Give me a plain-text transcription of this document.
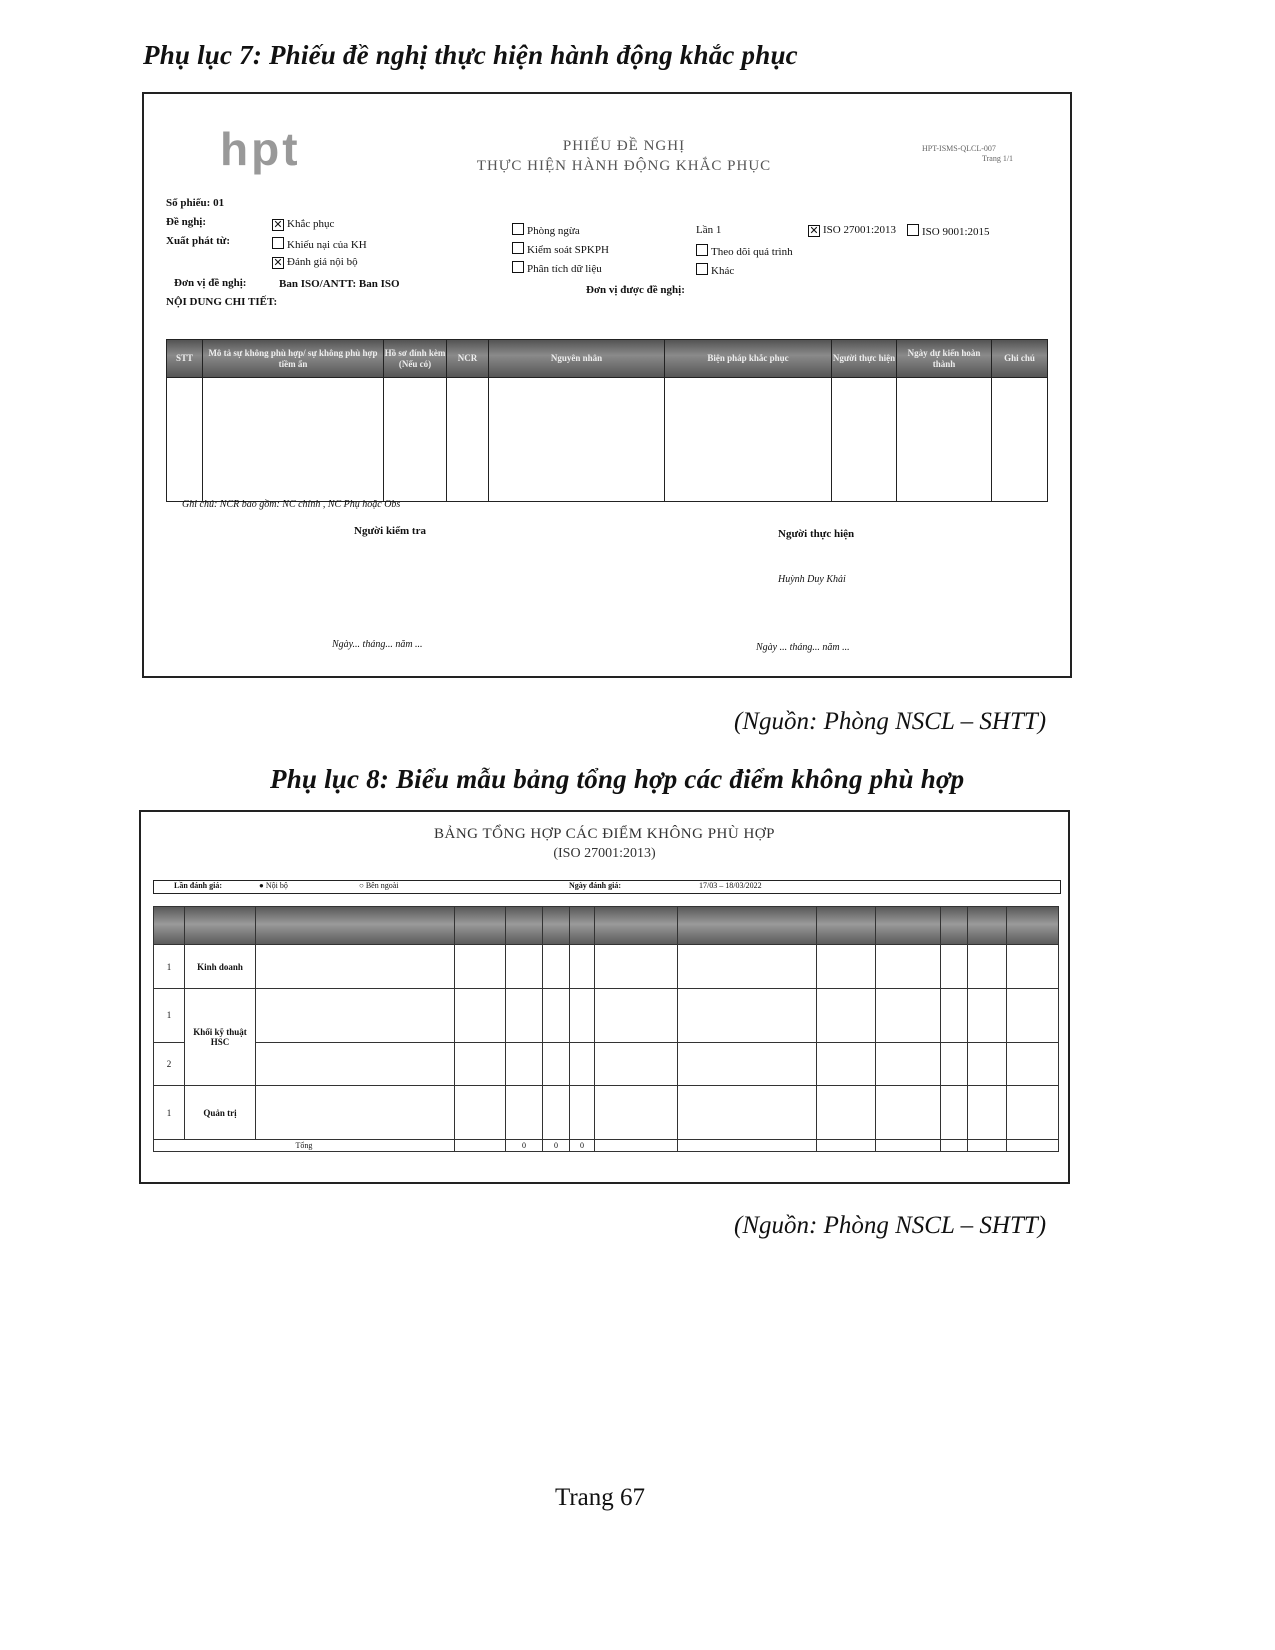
Phụ lục 7: Phiếu đề nghị thực hiện hành động khắc phục
hpt	PHIẾU ĐỀ NGHỊ
THỰC HIỆN HÀNH ĐỘNG KHẮC PHỤC
HPT-ISMS-QLCL-007
Trang 1/1
Số phiếu: 01
Đề nghị:
Xuất phát từ:
✕ Khắc phục
Khiếu nại của KH
✕ Đánh giá nội bộ
Phòng ngừa
Kiểm soát SPKPH
Phân tích dữ liệu
Lần 1
Theo dõi quá trình
Khác
✕ ISO 27001:2013	ISO 9001:2015
Đơn vị đề nghị:	Ban ISO/ANTT: Ban ISO	Đơn vị được đề nghị:
NỘI DUNG CHI TIẾT:
STT	Mô tả sự không phù hợp/ sự không phù hợp tiềm ẩn	Hồ sơ đính kèm (Nếu có)	NCR	Nguyên nhân	Biện pháp khắc phục	Người thực hiện	Ngày dự kiến hoàn thành	Ghi chú

Ghi chú: NCR bao gồm: NC chính , NC Phụ hoặc Obs
Người kiểm tra	Người thực hiện
Huỳnh Duy Khải
Ngày... tháng... năm ...	Ngày ... tháng... năm ...
(Nguồn: Phòng NSCL – SHTT)
Phụ lục 8: Biểu mẫu bảng tổng hợp các điểm không phù hợp
BẢNG TỔNG HỢP CÁC ĐIỂM KHÔNG PHÙ HỢP
(ISO 27001:2013)
Lần đánh giá:	● Nội bộ	○ Bên ngoài	Ngày đánh giá:	17/03 – 18/03/2022

1	Kinh doanh												
1	Khối kỹ thuật HSC												
2													
1	Quản trị												
Tổng				0	0	0							
(Nguồn: Phòng NSCL – SHTT)
Trang 67
